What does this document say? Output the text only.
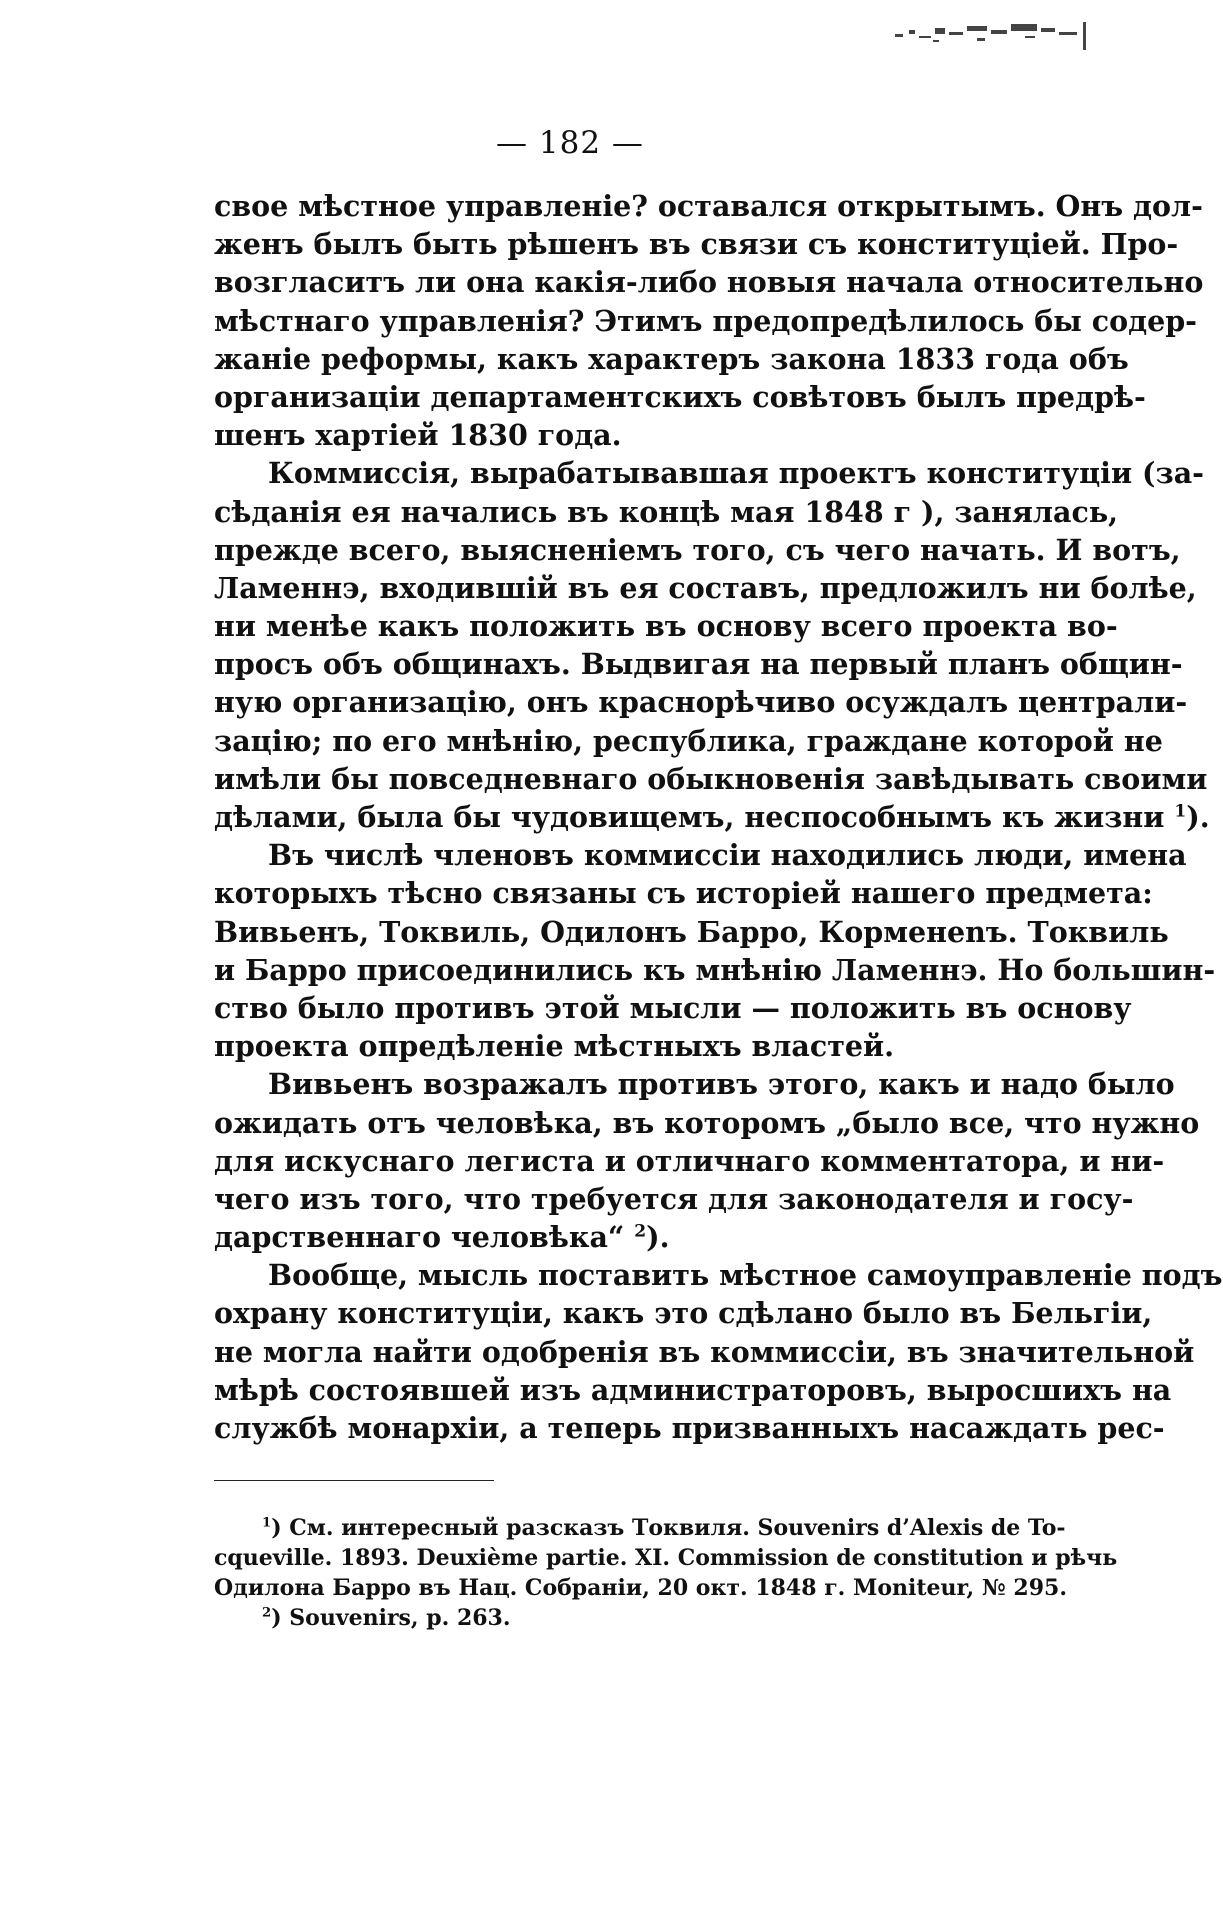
— 182 —
свое мѣстное управленіе? оставался открытымъ. Онъ дол-
женъ былъ быть рѣшенъ въ связи съ конституціей. Про-
возгласитъ ли она какія-либо новыя начала относительно
мѣстнаго управленія? Этимъ предопредѣлилось бы содер-
жаніе реформы, какъ характеръ закона 1833 года объ
организаціи департаментскихъ совѣтовъ былъ предрѣ-
шенъ хартіей 1830 года.
Коммиссія, вырабатывавшая проектъ конституціи (за-
сѣданія ея начались въ концѣ мая 1848 г ), занялась,
прежде всего, выясненіемъ того, съ чего начать. И вотъ,
Ламеннэ, входившій въ ея составъ, предложилъ ни болѣе,
ни менѣе какъ положить въ основу всего проекта во-
просъ объ общинахъ. Выдвигая на первый планъ общин-
ную организацію, онъ краснорѣчиво осуждалъ централи-
зацію; по его мнѣнію, республика, граждане которой не
имѣли бы повседневнаго обыкновенія завѣдывать своими
дѣлами, была бы чудовищемъ, неспособнымъ къ жизни $^1$).
Въ числѣ членовъ коммиссіи находились люди, имена
которыхъ тѣсно связаны съ исторіей нашего предмета:
Вивьенъ, Токвиль, Одилонъ Барро, Корменenъ. Токвиль
и Барро присоединились къ мнѣнію Ламеннэ. Но большин-
ство было противъ этой мысли — положить въ основу
проекта опредѣленіе мѣстныхъ властей.
Вивьенъ возражалъ противъ этого, какъ и надо было
ожидать отъ человѣка, въ которомъ „было все, что нужно
для искуснаго легиста и отличнаго комментатора, и ни-
чего изъ того, что требуется для законодателя и госу-
дарственнаго человѣка“ $^2$).
Вообще, мысль поставить мѣстное самоуправленіе подъ
охрану конституціи, какъ это сдѣлано было въ Бельгіи,
не могла найти одобренія въ коммиссіи, въ значительной
мѣрѣ состоявшей изъ администраторовъ, выросшихъ на
службѣ монархіи, а теперь призванныхъ насаждать рес-
$^1$) См. интересный разсказъ Токвиля. Souvenirs d’Alexis de To-
cqueville. 1893. Deuxième partie. XI. Commission de constitution и рѣчь
Одилона Барро въ Нац. Собраніи, 20 окт. 1848 г. Moniteur, № 295.
$^2$) Souvenirs, p. 263.
